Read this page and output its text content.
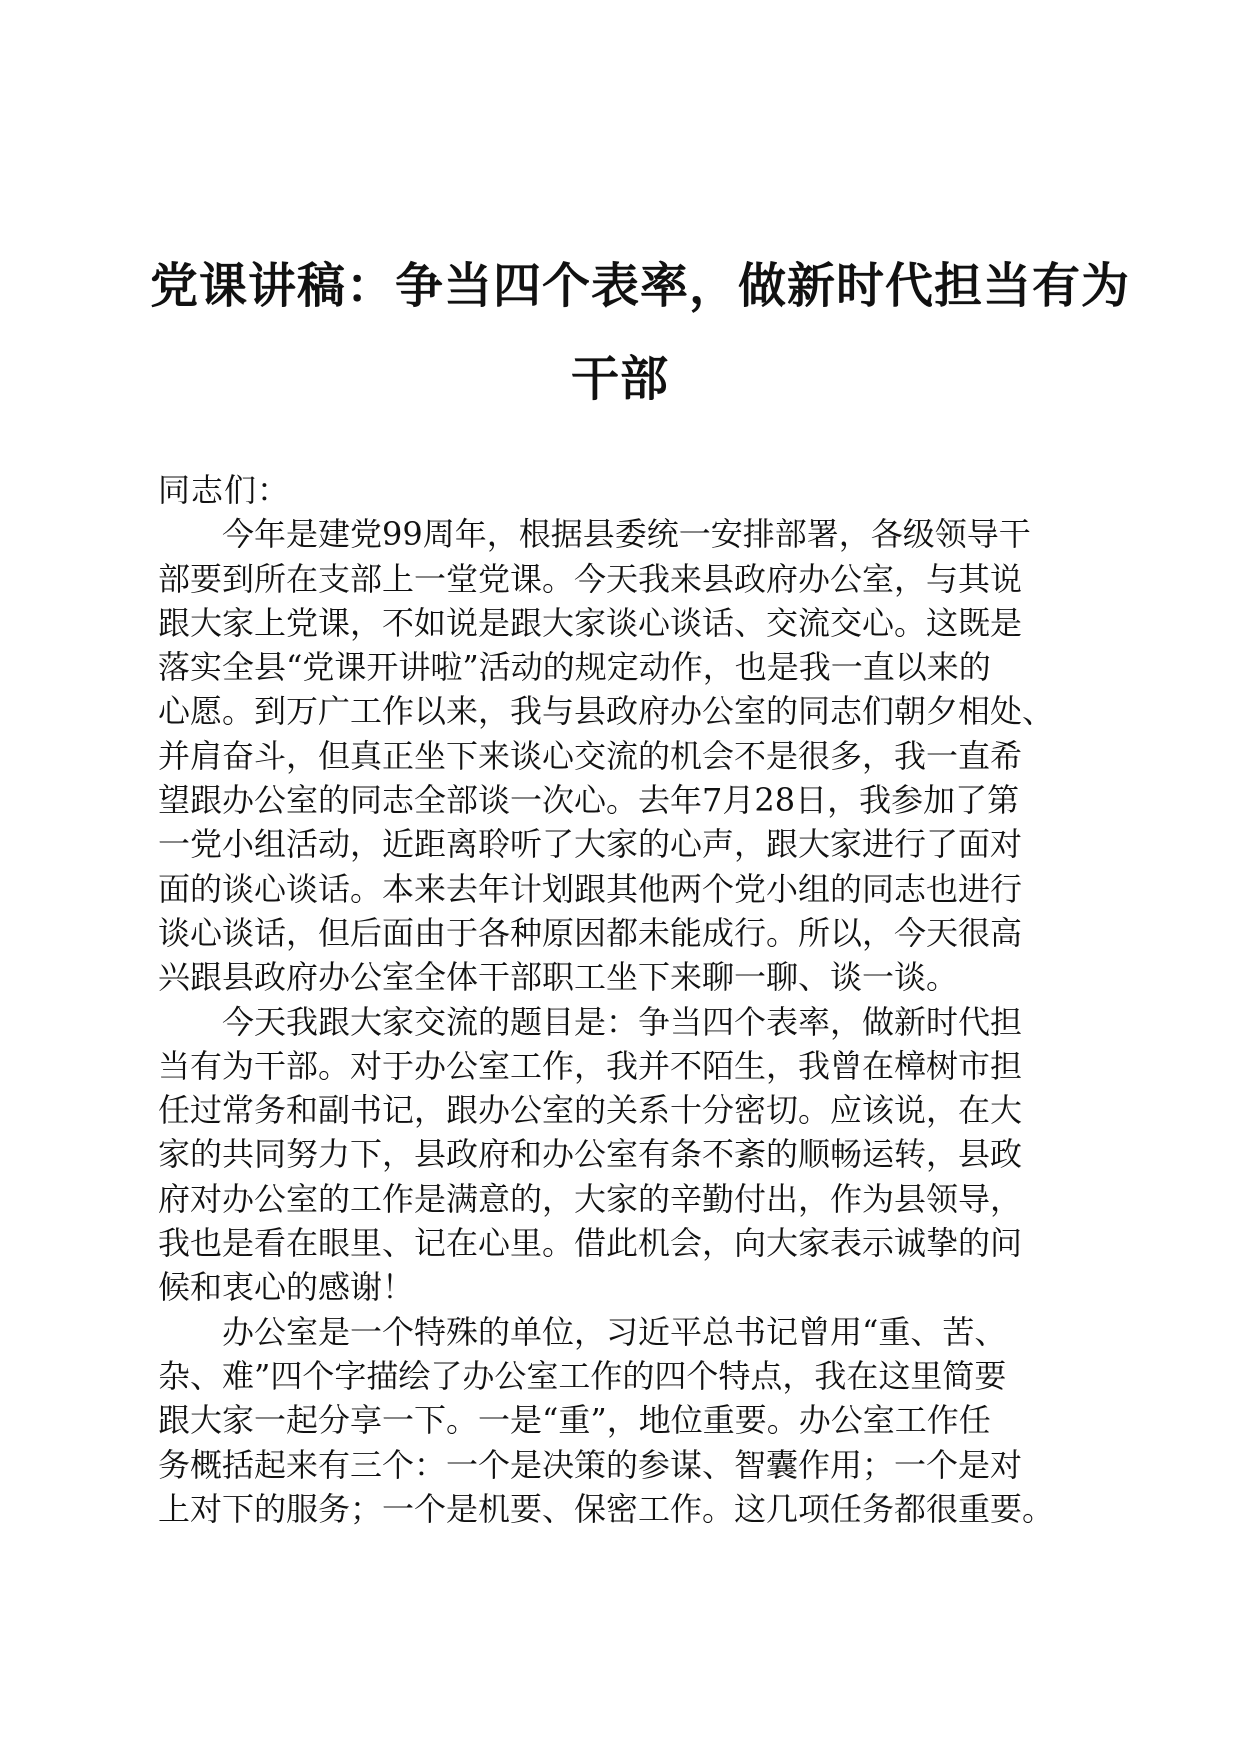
党课讲稿：争当四个表率，做新时代担当有为
干部
同志们：
　　今年是建党99周年，根据县委统一安排部署，各级领导干
部要到所在支部上一堂党课。今天我来县政府办公室，与其说
跟大家上党课，不如说是跟大家谈心谈话、交流交心。这既是
落实全县“党课开讲啦”活动的规定动作，也是我一直以来的
心愿。到万广工作以来，我与县政府办公室的同志们朝夕相处、
并肩奋斗，但真正坐下来谈心交流的机会不是很多，我一直希
望跟办公室的同志全部谈一次心。去年7月28日，我参加了第
一党小组活动，近距离聆听了大家的心声，跟大家进行了面对
面的谈心谈话。本来去年计划跟其他两个党小组的同志也进行
谈心谈话，但后面由于各种原因都未能成行。所以，今天很高
兴跟县政府办公室全体干部职工坐下来聊一聊、谈一谈。
　　今天我跟大家交流的题目是：争当四个表率，做新时代担
当有为干部。对于办公室工作，我并不陌生，我曾在樟树市担
任过常务和副书记，跟办公室的关系十分密切。应该说，在大
家的共同努力下，县政府和办公室有条不紊的顺畅运转，县政
府对办公室的工作是满意的，大家的辛勤付出，作为县领导，
我也是看在眼里、记在心里。借此机会，向大家表示诚挚的问
候和衷心的感谢！
　　办公室是一个特殊的单位，习近平总书记曾用“重、苦、
杂、难”四个字描绘了办公室工作的四个特点，我在这里简要
跟大家一起分享一下。一是“重”，地位重要。办公室工作任
务概括起来有三个：一个是决策的参谋、智囊作用；一个是对
上对下的服务；一个是机要、保密工作。这几项任务都很重要。
